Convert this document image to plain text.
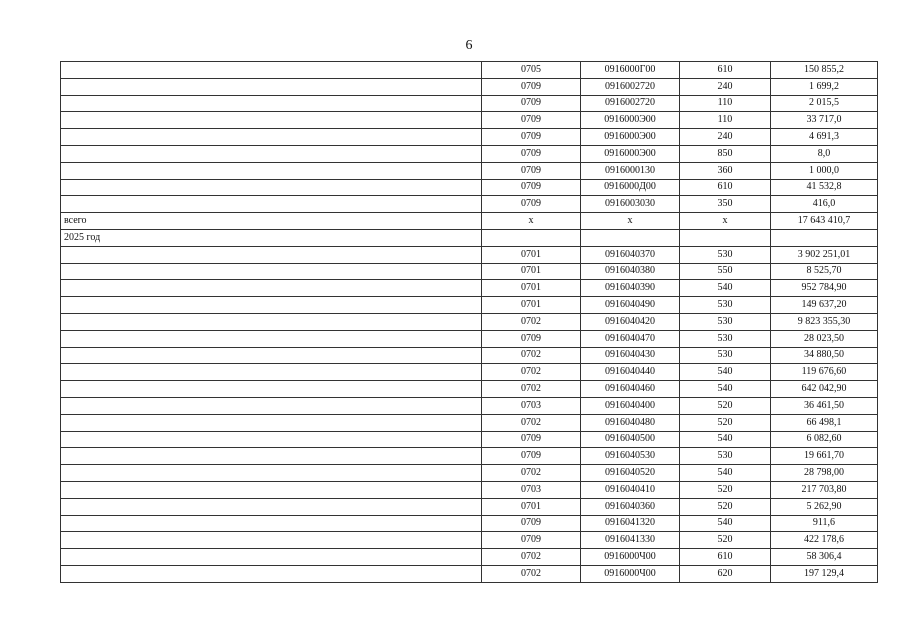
6
	0705	0916000Г00	610	150 855,2
	0709	0916002720	240	1 699,2
	0709	0916002720	110	2 015,5
	0709	0916000Э00	110	33 717,0
	0709	0916000Э00	240	4 691,3
	0709	0916000Э00	850	8,0
	0709	0916000130	360	1 000,0
	0709	0916000Д00	610	41 532,8
	0709	0916003030	350	416,0
всего	х	х	х	17 643 410,7
2025 год				
	0701	0916040370	530	3 902 251,01
	0701	0916040380	550	8 525,70
	0701	0916040390	540	952 784,90
	0701	0916040490	530	149 637,20
	0702	0916040420	530	9 823 355,30
	0709	0916040470	530	28 023,50
	0702	0916040430	530	34 880,50
	0702	0916040440	540	119 676,60
	0702	0916040460	540	642 042,90
	0703	0916040400	520	36 461,50
	0702	0916040480	520	66 498,1
	0709	0916040500	540	6 082,60
	0709	0916040530	530	19 661,70
	0702	0916040520	540	28 798,00
	0703	0916040410	520	217 703,80
	0701	0916040360	520	5 262,90
	0709	0916041320	540	911,6
	0709	0916041330	520	422 178,6
	0702	0916000Ч00	610	58 306,4
	0702	0916000Ч00	620	197 129,4
